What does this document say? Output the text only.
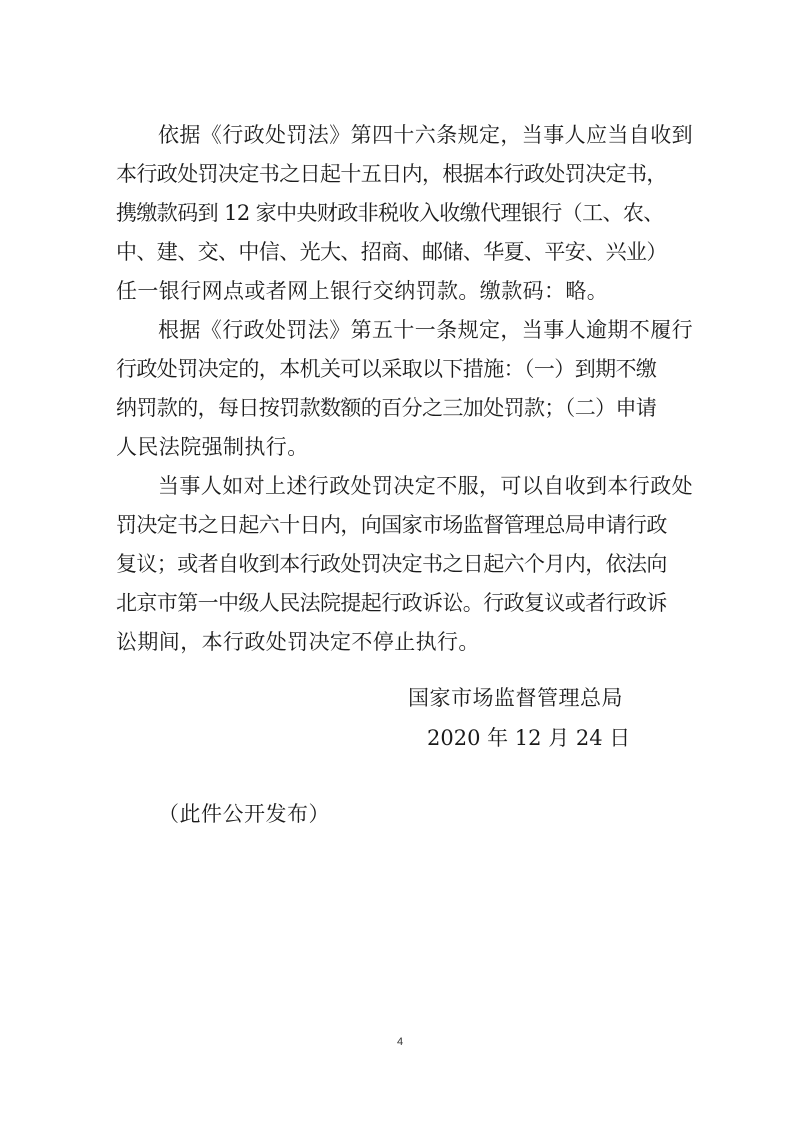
依据《行政处罚法》第四十六条规定，当事人应当自收到
本行政处罚决定书之日起十五日内，根据本行政处罚决定书，
携缴款码到 12 家中央财政非税收入收缴代理银行（工、农、
中、建、交、中信、光大、招商、邮储、华夏、平安、兴业）
任一银行网点或者网上银行交纳罚款。缴款码：略。
根据《行政处罚法》第五十一条规定，当事人逾期不履行
行政处罚决定的，本机关可以采取以下措施：（一）到期不缴
纳罚款的，每日按罚款数额的百分之三加处罚款；（二）申请
人民法院强制执行。
当事人如对上述行政处罚决定不服，可以自收到本行政处
罚决定书之日起六十日内，向国家市场监督管理总局申请行政
复议；或者自收到本行政处罚决定书之日起六个月内，依法向
北京市第一中级人民法院提起行政诉讼。行政复议或者行政诉
讼期间，本行政处罚决定不停止执行。
国家市场监督管理总局
2020 年 12 月 24 日
（此件公开发布）
4
